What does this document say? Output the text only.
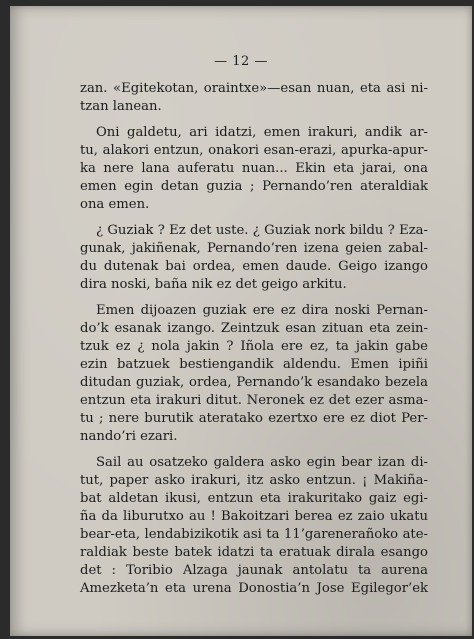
— 12 —
zan. «Egitekotan, oraintxe»—esan nuan, eta asi ni-
tzan lanean.
Oni galdetu, ari idatzi, emen irakuri, andik ar-
tu, alakori entzun, onakori esan-erazi, apurka-apur-
ka nere lana auferatu nuan... Ekin eta jarai, ona
emen egin detan guzia ; Pernando’ren ateraldiak
ona emen.
¿ Guziak ? Ez det uste. ¿ Guziak nork bildu ? Eza-
gunak, jakiñenak, Pernando’ren izena geien zabal-
du dutenak bai ordea, emen daude. Geigo izango
dira noski, baña nik ez det geigo arkitu.
Emen dijoazen guziak ere ez dira noski Pernan-
do’k esanak izango. Zeintzuk esan zituan eta zein-
tzuk ez ¿ nola jakin ? Iñola ere ez, ta jakin gabe
ezin batzuek bestiengandik aldendu. Emen ipiñi
ditudan guziak, ordea, Pernando’k esandako bezela
entzun eta irakuri ditut. Neronek ez det ezer asma-
tu ; nere burutik ateratako ezertxo ere ez diot Per-
nando’ri ezari.
Sail au osatzeko galdera asko egin bear izan di-
tut, paper asko irakuri, itz asko entzun. ¡ Makiña-
bat aldetan ikusi, entzun eta irakuritako gaiz egi-
ña da liburutxo au ! Bakoitzari berea ez zaio ukatu
bear-eta, lendabizikotik asi ta 11’garenerañoko ate-
raldiak beste batek idatzi ta eratuak dirala esango
det : Toribio Alzaga jaunak antolatu ta aurena
Amezketa’n eta urena Donostia’n Jose Egilegor’ek
